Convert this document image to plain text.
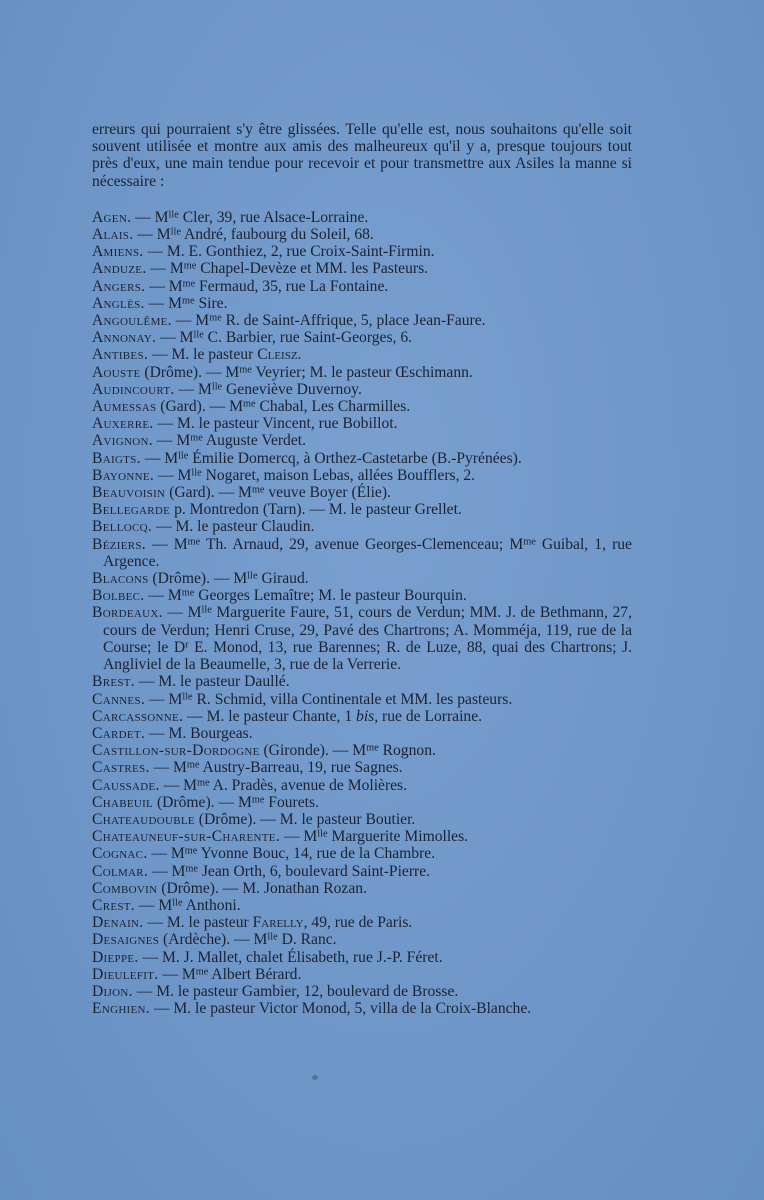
erreurs qui pourraient s'y être glissées. Telle qu'elle est, nous souhaitons qu'elle soit souvent utilisée et montre aux amis des malheureux qu'il y a, presque toujours tout près d'eux, une main tendue pour recevoir et pour transmettre aux Asiles la manne si nécessaire :

Agen. — $M^{lle}$ Cler, 39, rue Alsace-Lorraine.
Alais. — $M^{lle}$ André, faubourg du Soleil, 68.
Amiens. — M. E. Gonthiez, 2, rue Croix-Saint-Firmin.
Anduze. — $M^{me}$ Chapel-Devèze et MM. les Pasteurs.
Angers. — $M^{me}$ Fermaud, 35, rue La Fontaine.
Anglès. — $M^{me}$ Sire.
Angoulême. — $M^{me}$ R. de Saint-Affrique, 5, place Jean-Faure.
Annonay. — $M^{lle}$ C. Barbier, rue Saint-Georges, 6.
Antibes. — M. le pasteur Cleisz.
Aouste (Drôme). — $M^{me}$ Veyrier; M. le pasteur Œschimann.
Audincourt. — $M^{lle}$ Geneviève Duvernoy.
Aumessas (Gard). — $M^{me}$ Chabal, Les Charmilles.
Auxerre. — M. le pasteur Vincent, rue Bobillot.
Avignon. — $M^{me}$ Auguste Verdet.
Baigts. — $M^{lle}$ Émilie Domercq, à Orthez-Castetarbe (B.-Pyrénées).
Bayonne. — $M^{lle}$ Nogaret, maison Lebas, allées Boufflers, 2.
Beauvoisin (Gard). — $M^{me}$ veuve Boyer (Élie).
Bellegarde p. Montredon (Tarn). — M. le pasteur Grellet.
Bellocq. — M. le pasteur Claudin.
Béziers. — $M^{me}$ Th. Arnaud, 29, avenue Georges-Clemenceau; $M^{me}$ Guibal, 1, rue Argence.
Blacons (Drôme). — $M^{lle}$ Giraud.
Bolbec. — $M^{me}$ Georges Lemaître; M. le pasteur Bourquin.
Bordeaux. — $M^{lle}$ Marguerite Faure, 51, cours de Verdun; MM. J. de Bethmann, 27, cours de Verdun; Henri Cruse, 29, Pavé des Chartrons; A. Momméja, 119, rue de la Course; le $D^r$ E. Monod, 13, rue Barennes; R. de Luze, 88, quai des Chartrons; J. Angliviel de la Beaumelle, 3, rue de la Verrerie.
Brest. — M. le pasteur Daullé.
Cannes. — $M^{lle}$ R. Schmid, villa Continentale et MM. les pasteurs.
Carcassonne. — M. le pasteur Chante, 1 bis, rue de Lorraine.
Cardet. — M. Bourgeas.
Castillon-sur-Dordogne (Gironde). — $M^{me}$ Rognon.
Castres. — $M^{me}$ Austry-Barreau, 19, rue Sagnes.
Caussade. — $M^{me}$ A. Pradès, avenue de Molières.
Chabeuil (Drôme). — $M^{me}$ Fourets.
Chateaudouble (Drôme). — M. le pasteur Boutier.
Chateauneuf-sur-Charente. — $M^{lle}$ Marguerite Mimolles.
Cognac. — $M^{me}$ Yvonne Bouc, 14, rue de la Chambre.
Colmar. — $M^{me}$ Jean Orth, 6, boulevard Saint-Pierre.
Combovin (Drôme). — M. Jonathan Rozan.
Crest. — $M^{lle}$ Anthoni.
Denain. — M. le pasteur Farelly, 49, rue de Paris.
Desaignes (Ardèche). — $M^{lle}$ D. Ranc.
Dieppe. — M. J. Mallet, chalet Élisabeth, rue J.-P. Féret.
Dieulefit. — $M^{me}$ Albert Bérard.
Dijon. — M. le pasteur Gambier, 12, boulevard de Brosse.
Enghien. — M. le pasteur Victor Monod, 5, villa de la Croix-Blanche.
